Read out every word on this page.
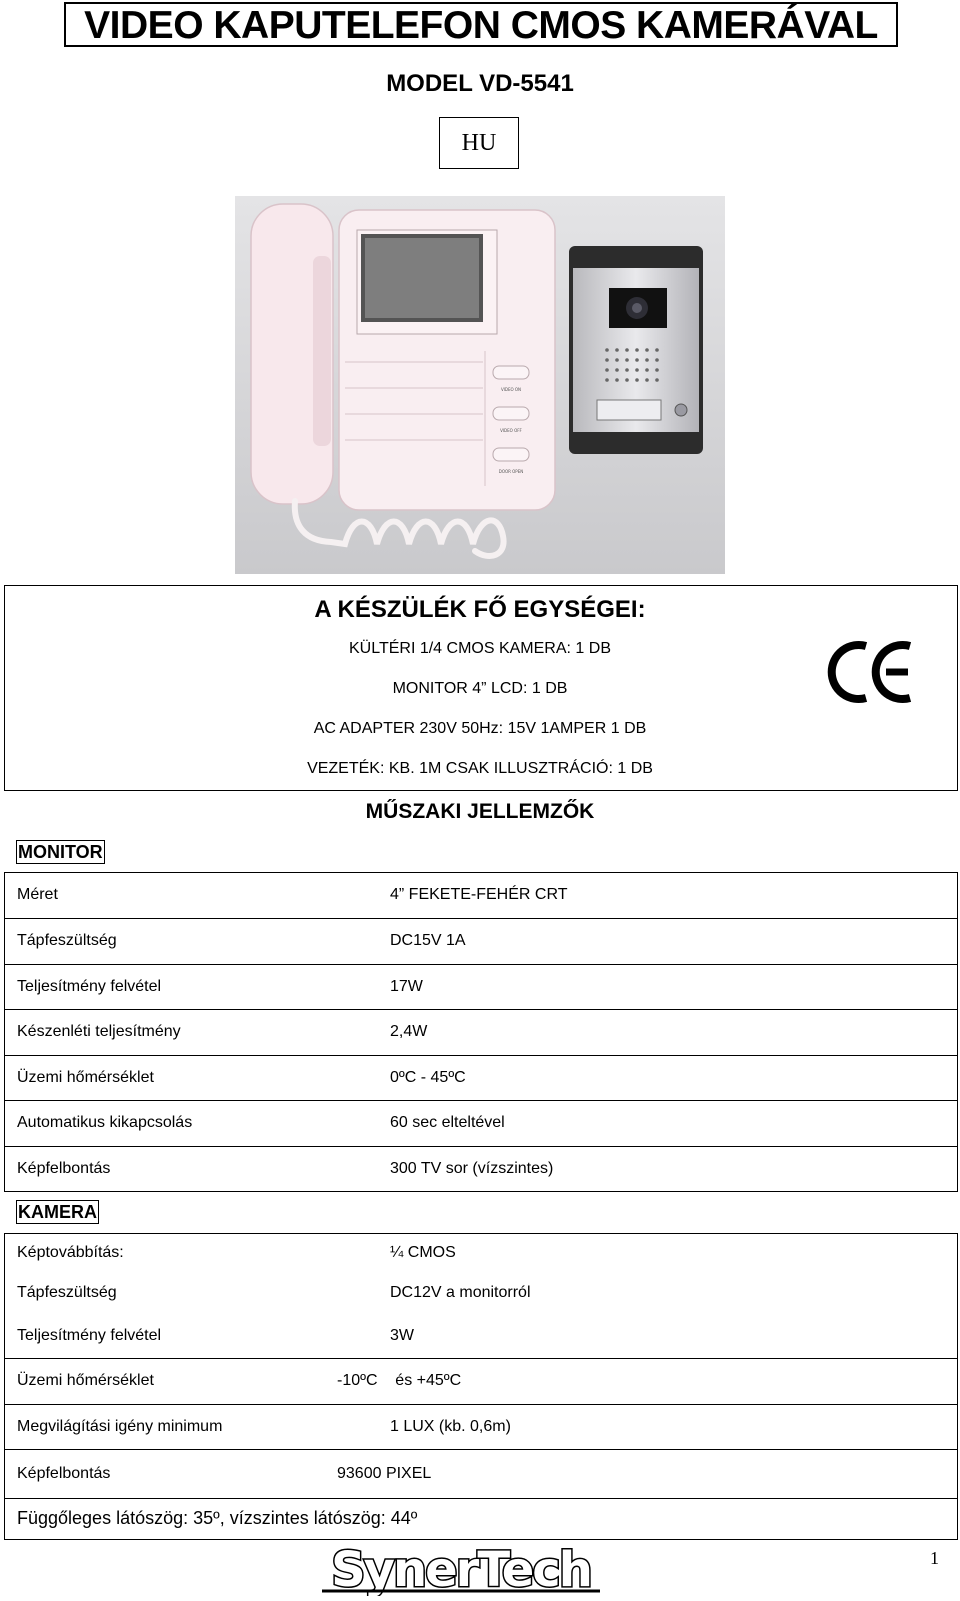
VIDEO KAPUTELEFON CMOS KAMERÁVAL
MODEL VD-5541
HU
VIDEO ON
VIDEO OFF
DOOR OPEN
A KÉSZÜLÉK FŐ EGYSÉGEI:
KÜLTÉRI 1/4 CMOS KAMERA: 1 DB
MONITOR 4” LCD: 1 DB
AC ADAPTER 230V 50Hz: 15V 1AMPER 1 DB
VEZETÉK: KB. 1M CSAK ILLUSZTRÁCIÓ: 1 DB
MŰSZAKI JELLEMZŐK
MONITOR
Méret	4” FEKETE-FEHÉR CRT
Tápfeszültség	DC15V 1A
Teljesítmény felvétel	17W
Készenléti teljesítmény	2,4W
Üzemi hőmérséklet	0ºC - 45ºC
Automatikus kikapcsolás	60 sec elteltével
Képfelbontás	300 TV sor (vízszintes)
KAMERA
Képtovábbítás:	¼ CMOS
Tápfeszültség	DC12V a monitorról
Teljesítmény felvétel	3W
Üzemi hőmérséklet	-10ºC    és +45ºC
Megvilágítási igény minimum	1 LUX (kb. 0,6m)
Képfelbontás	93600 PIXEL
Függőleges látószög: 35º, vízszintes látószög: 44º
SynerTech	1
